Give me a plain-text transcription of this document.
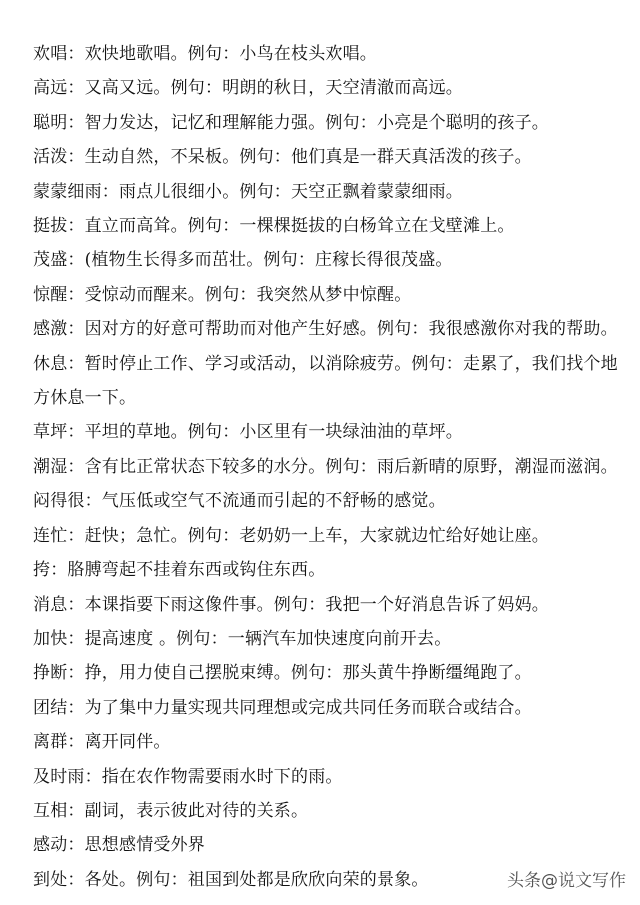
欢唱：欢快地歌唱。例句：小鸟在枝头欢唱。
高远：又高又远。例句：明朗的秋日，天空清澈而高远。
聪明：智力发达，记忆和理解能力强。例句：小亮是个聪明的孩子。
活泼：生动自然，不呆板。例句：他们真是一群天真活泼的孩子。
蒙蒙细雨：雨点儿很细小。例句：天空正飘着蒙蒙细雨。
挺拔：直立而高耸。例句：一棵棵挺拔的白杨耸立在戈壁滩上。
茂盛：(植物生长得多而茁壮。例句：庄稼长得很茂盛。
惊醒：受惊动而醒来。例句：我突然从梦中惊醒。
感激：因对方的好意可帮助而对他产生好感。例句：我很感激你对我的帮助。
休息：暂时停止工作、学习或活动，以消除疲劳。例句：走累了，我们找个地方休息一下。
草坪：平坦的草地。例句：小区里有一块绿油油的草坪。
潮湿：含有比正常状态下较多的水分。例句：雨后新晴的原野，潮湿而滋润。
闷得很：气压低或空气不流通而引起的不舒畅的感觉。
连忙：赶快；急忙。例句：老奶奶一上车，大家就边忙给好她让座。
挎：胳膊弯起不挂着东西或钩住东西。
消息：本课指要下雨这像件事。例句：我把一个好消息告诉了妈妈。
加快：提高速度 。例句：一辆汽车加快速度向前开去。
挣断：挣，用力使自己摆脱束缚。例句：那头黄牛挣断缰绳跑了。
团结：为了集中力量实现共同理想或完成共同任务而联合或结合。
离群：离开同伴。
及时雨：指在农作物需要雨水时下的雨。
互相：副词，表示彼此对待的关系。
感动：思想感情受外界
到处：各处。例句：祖国到处都是欣欣向荣的景象。	头条@说文写作
